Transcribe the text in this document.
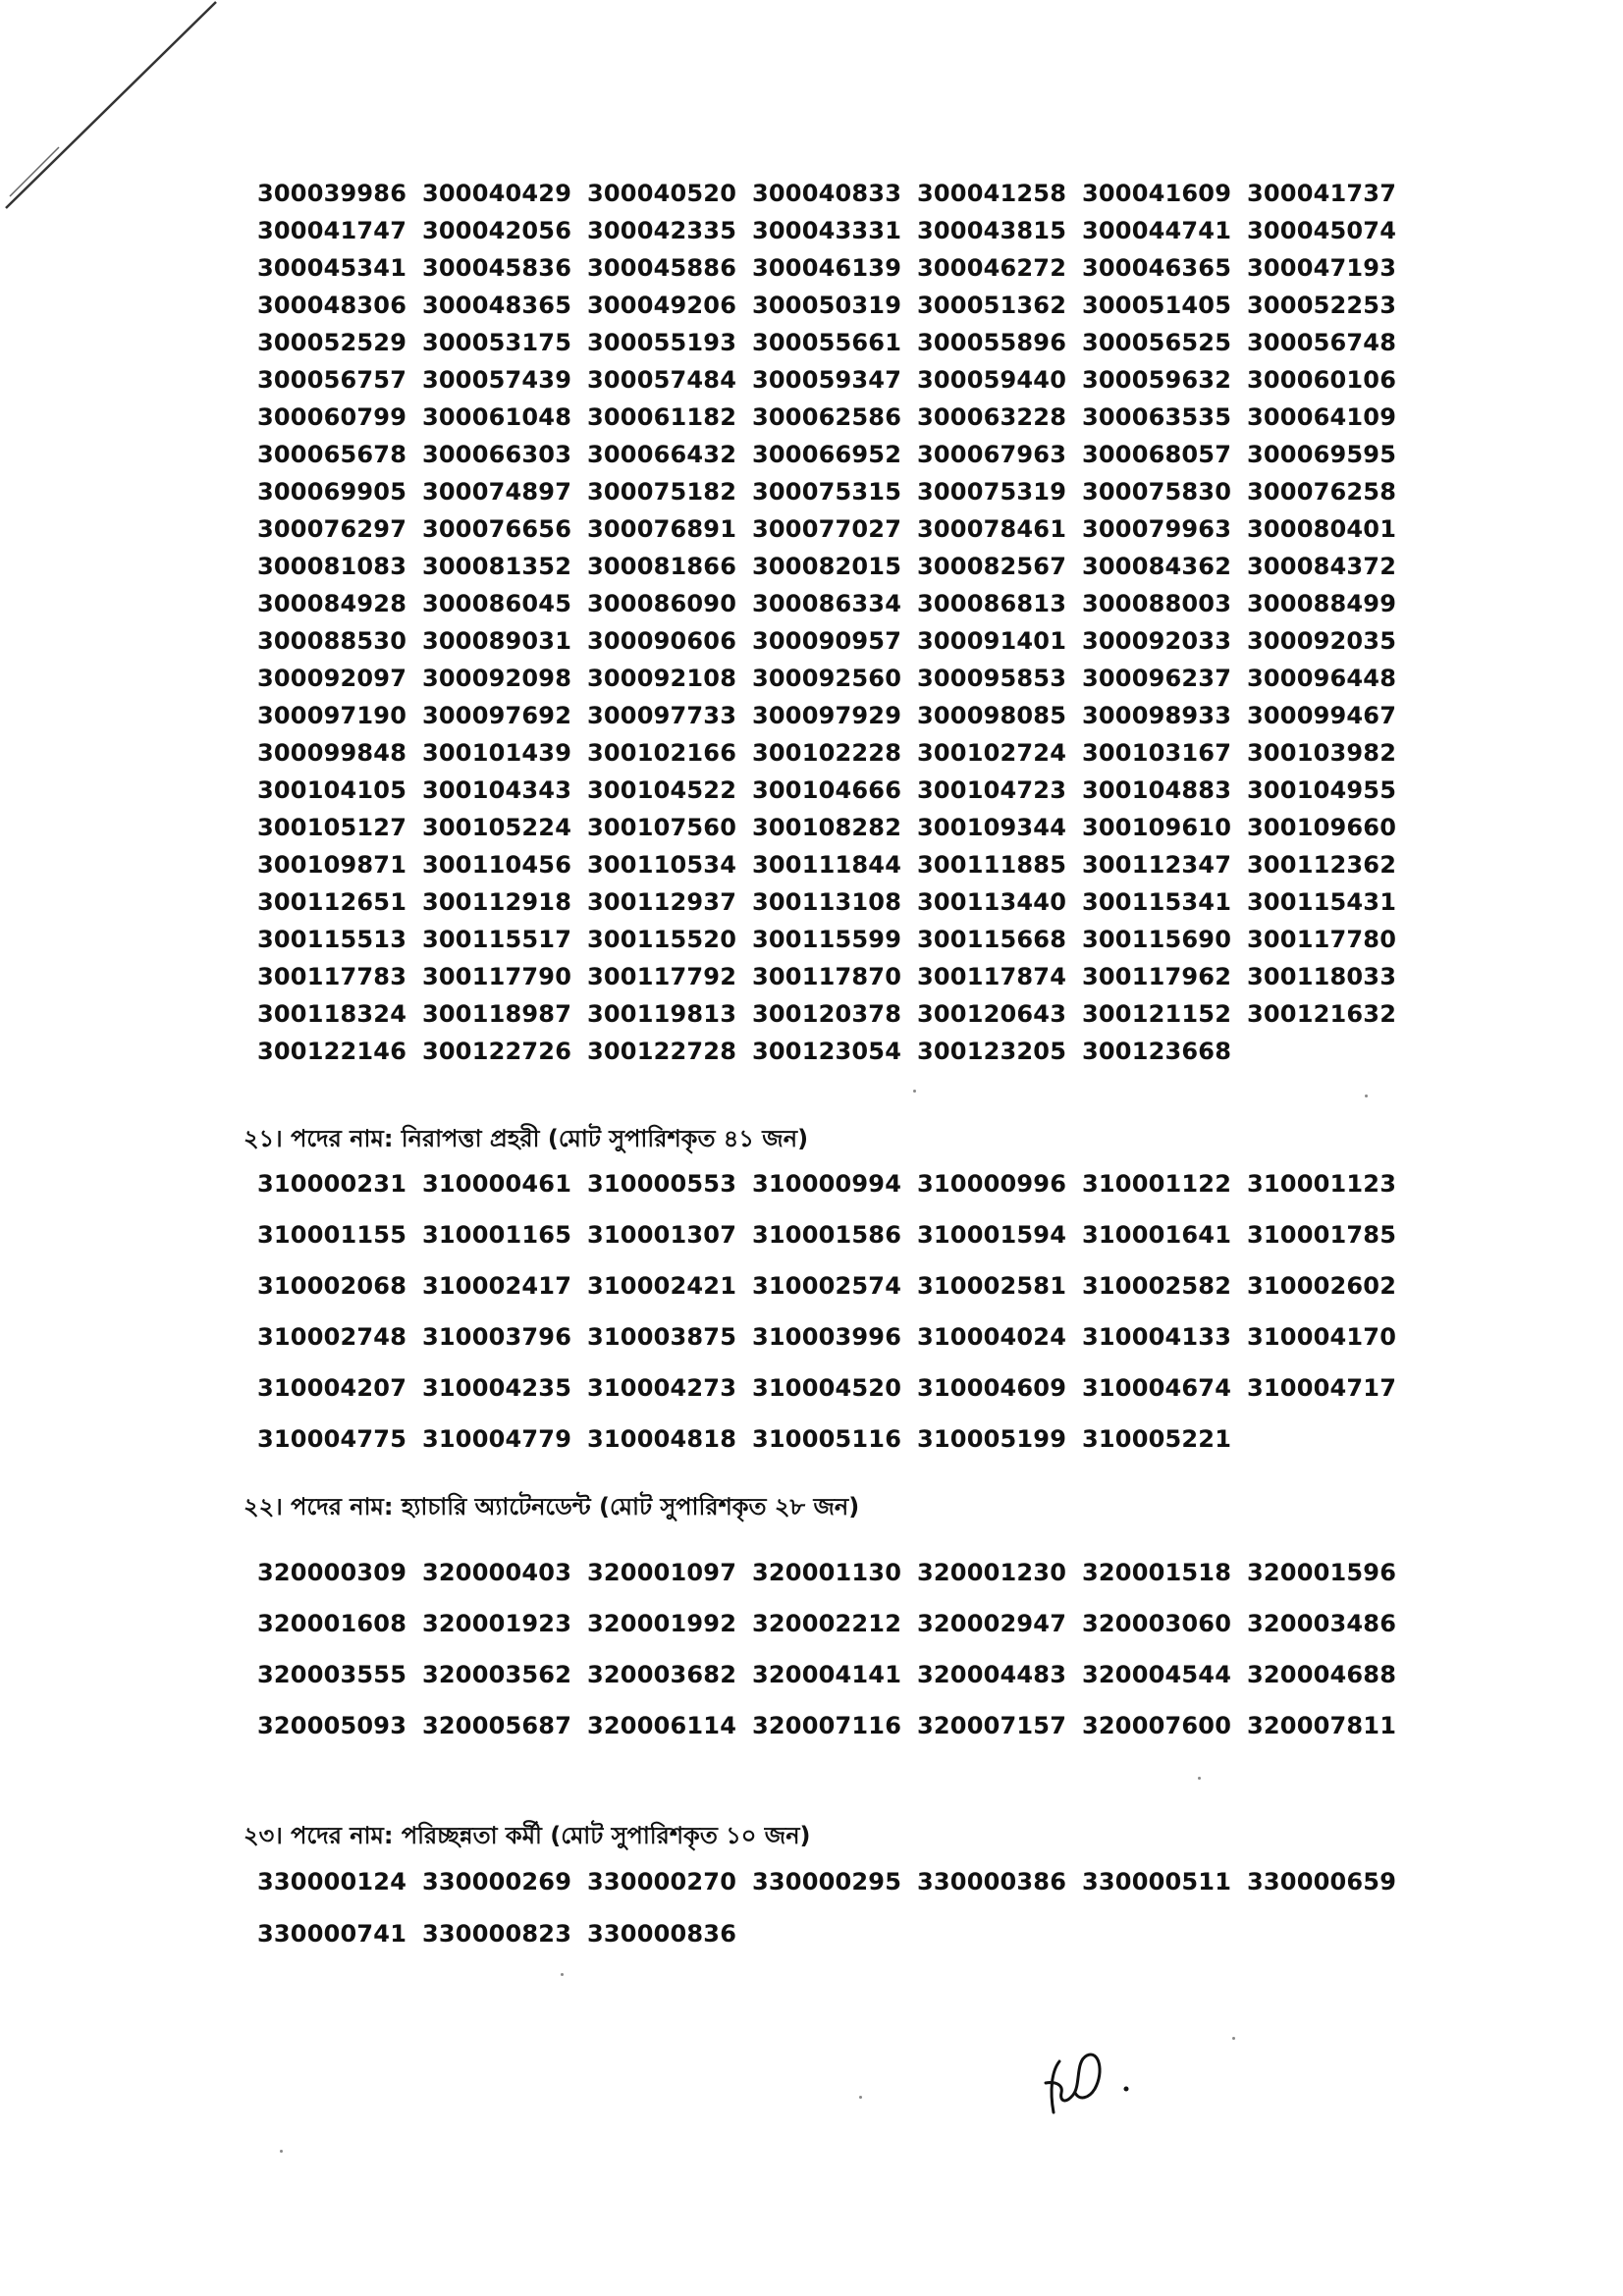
300039986 300040429 300040520 300040833 300041258 300041609 300041737
300041747 300042056 300042335 300043331 300043815 300044741 300045074
300045341 300045836 300045886 300046139 300046272 300046365 300047193
300048306 300048365 300049206 300050319 300051362 300051405 300052253
300052529 300053175 300055193 300055661 300055896 300056525 300056748
300056757 300057439 300057484 300059347 300059440 300059632 300060106
300060799 300061048 300061182 300062586 300063228 300063535 300064109
300065678 300066303 300066432 300066952 300067963 300068057 300069595
300069905 300074897 300075182 300075315 300075319 300075830 300076258
300076297 300076656 300076891 300077027 300078461 300079963 300080401
300081083 300081352 300081866 300082015 300082567 300084362 300084372
300084928 300086045 300086090 300086334 300086813 300088003 300088499
300088530 300089031 300090606 300090957 300091401 300092033 300092035
300092097 300092098 300092108 300092560 300095853 300096237 300096448
300097190 300097692 300097733 300097929 300098085 300098933 300099467
300099848 300101439 300102166 300102228 300102724 300103167 300103982
300104105 300104343 300104522 300104666 300104723 300104883 300104955
300105127 300105224 300107560 300108282 300109344 300109610 300109660
300109871 300110456 300110534 300111844 300111885 300112347 300112362
300112651 300112918 300112937 300113108 300113440 300115341 300115431
300115513 300115517 300115520 300115599 300115668 300115690 300117780
300117783 300117790 300117792 300117870 300117874 300117962 300118033
300118324 300118987 300119813 300120378 300120643 300121152 300121632
300122146 300122726 300122728 300123054 300123205 300123668
২১। পদের নাম: নিরাপত্তা প্রহরী (মোট সুপারিশকৃত ৪১ জন)
310000231 310000461 310000553 310000994 310000996 310001122 310001123
310001155 310001165 310001307 310001586 310001594 310001641 310001785
310002068 310002417 310002421 310002574 310002581 310002582 310002602
310002748 310003796 310003875 310003996 310004024 310004133 310004170
310004207 310004235 310004273 310004520 310004609 310004674 310004717
310004775 310004779 310004818 310005116 310005199 310005221
২২। পদের নাম: হ্যাচারি অ্যাটেনডেন্ট (মোট সুপারিশকৃত ২৮ জন)
320000309 320000403 320001097 320001130 320001230 320001518 320001596
320001608 320001923 320001992 320002212 320002947 320003060 320003486
320003555 320003562 320003682 320004141 320004483 320004544 320004688
320005093 320005687 320006114 320007116 320007157 320007600 320007811
২৩। পদের নাম: পরিচ্ছন্নতা কর্মী (মোট সুপারিশকৃত ১০ জন)
330000124 330000269 330000270 330000295 330000386 330000511 330000659
330000741 330000823 330000836
